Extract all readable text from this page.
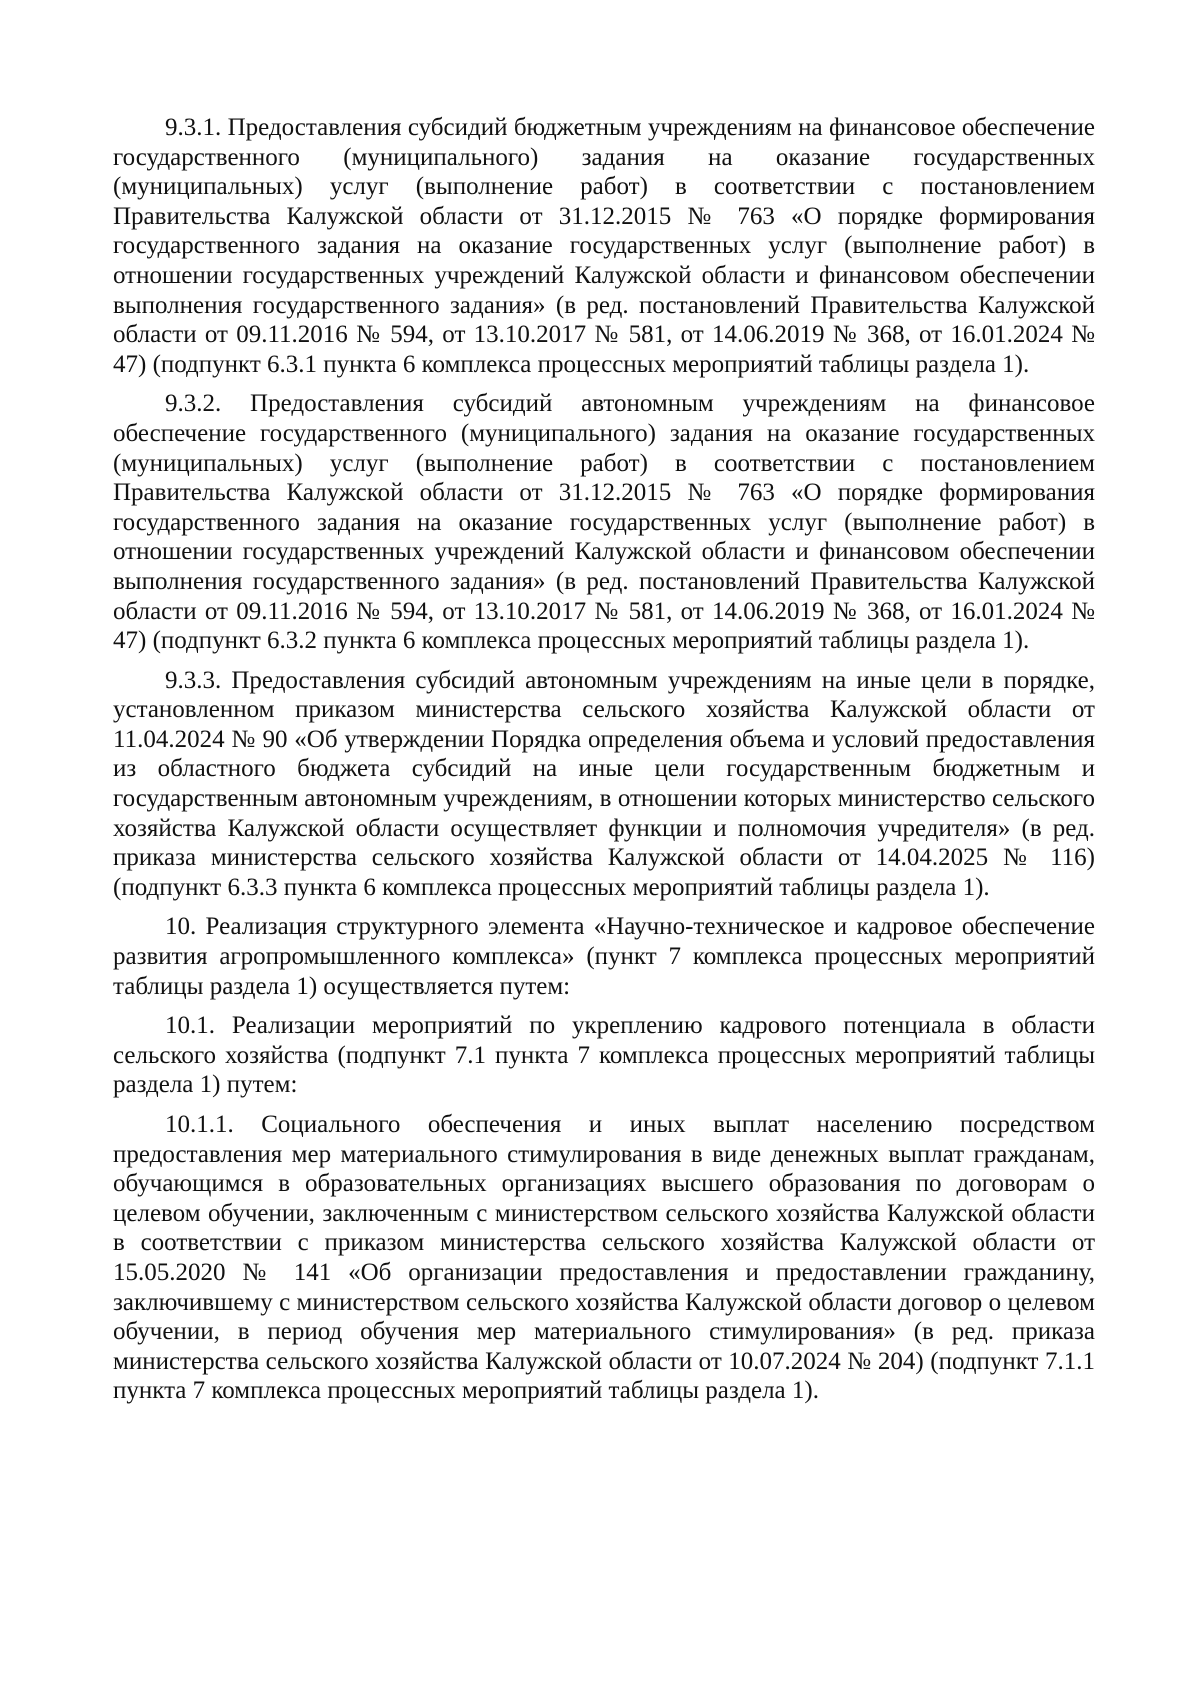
9.3.1. Предоставления субсидий бюджетным учреждениям на финансовое обеспечение государственного (муниципального) задания на оказание государственных (муниципальных) услуг (выполнение работ) в соответствии с постановлением Правительства Калужской области от 31.12.2015 № 763 «О порядке формирования государственного задания на оказание государственных услуг (выполнение работ) в отношении государственных учреждений Калужской области и финансовом обеспечении выполнения государственного задания» (в ред. постановлений Правительства Калужской области от 09.11.2016 № 594, от 13.10.2017 № 581, от 14.06.2019 № 368, от 16.01.2024 № 47) (подпункт 6.3.1 пункта 6 комплекса процессных мероприятий таблицы раздела 1).

9.3.2. Предоставления субсидий автономным учреждениям на финансовое обеспечение государственного (муниципального) задания на оказание государственных (муниципальных) услуг (выполнение работ) в соответствии с постановлением Правительства Калужской области от 31.12.2015 № 763 «О порядке формирования государственного задания на оказание государственных услуг (выполнение работ) в отношении государственных учреждений Калужской области и финансовом обеспечении выполнения государственного задания» (в ред. постановлений Правительства Калужской области от 09.11.2016 № 594, от 13.10.2017 № 581, от 14.06.2019 № 368, от 16.01.2024 № 47) (подпункт 6.3.2 пункта 6 комплекса процессных мероприятий таблицы раздела 1).

9.3.3. Предоставления субсидий автономным учреждениям на иные цели в порядке, установленном приказом министерства сельского хозяйства Калужской области от 11.04.2024 № 90 «Об утверждении Порядка определения объема и условий предоставления из областного бюджета субсидий на иные цели государственным бюджетным и государственным автономным учреждениям, в отношении которых министерство сельского хозяйства Калужской области осуществляет функции и полномочия учредителя» (в ред. приказа министерства сельского хозяйства Калужской области от 14.04.2025 № 116) (подпункт 6.3.3 пункта 6 комплекса процессных мероприятий таблицы раздела 1).

10. Реализация структурного элемента «Научно-техническое и кадровое обеспечение развития агропромышленного комплекса» (пункт 7 комплекса процессных мероприятий таблицы раздела 1) осуществляется путем:

10.1. Реализации мероприятий по укреплению кадрового потенциала в области сельского хозяйства (подпункт 7.1 пункта 7 комплекса процессных мероприятий таблицы раздела 1) путем:

10.1.1. Социального обеспечения и иных выплат населению посредством предоставления мер материального стимулирования в виде денежных выплат гражданам, обучающимся в образовательных организациях высшего образования по договорам о целевом обучении, заключенным с министерством сельского хозяйства Калужской области в соответствии с приказом министерства сельского хозяйства Калужской области от 15.05.2020 № 141 «Об организации предоставления и предоставлении гражданину, заключившему с министерством сельского хозяйства Калужской области договор о целевом обучении, в период обучения мер материального стимулирования» (в ред. приказа министерства сельского хозяйства Калужской области от 10.07.2024 № 204) (подпункт 7.1.1 пункта 7 комплекса процессных мероприятий таблицы раздела 1).
